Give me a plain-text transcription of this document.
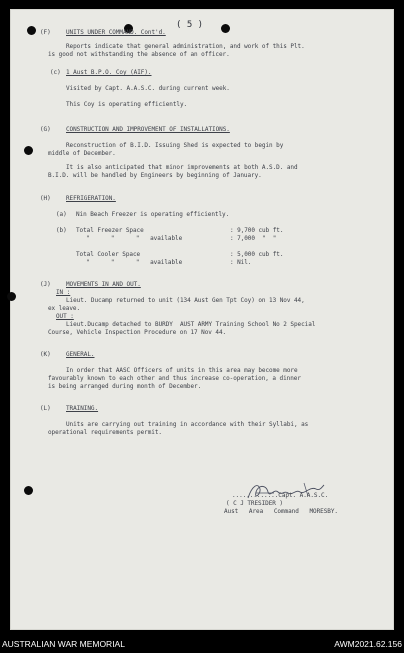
( 5 )
(F)	UNITS UNDER COMMAND. Cont'd.
Reports indicate that general administration, and work of this Plt.
is good not withstanding the absence of an officer.
(c) 1 Aust B.P.O. Coy (AIF).
Visited by Capt. A.A.S.C. during current week.
This Coy is operating efficiently.
(G)	CONSTRUCTION AND IMPROVEMENT OF INSTALLATIONS.
Reconstruction of B.I.D. Issuing Shed is expected to begin by
middle of December.
It is also anticipated that minor improvements at both A.S.D. and
B.I.D. will be handled by Engineers by beginning of January.
(H)	REFRIGERATION.
(a) Nin Beach Freezer is operating efficiently.
(b) Total Freezer Space	: 9,700 cub ft.
"      "      "   available	: 7,000  "  "
Total Cooler Space	: 5,000 cub ft.
"      "      "   available	: Nil.
(J)	MOVEMENTS IN AND OUT.
IN :
Lieut. Ducamp returned to unit (134 Aust Gen Tpt Coy) on 13 Nov 44,
ex leave.
OUT :
Lieut.Ducamp detached to BURDY  AUST ARMY Training School No 2 Special
Course, Vehicle Inspection Procedure on 17 Nov 44.
(K)	GENERAL.
In order that AASC Officers of units in this area may become more
favourably known to each other and thus increase co-operation, a dinner
is being arranged during month of December.
(L)	TRAINING.
Units are carrying out training in accordance with their Syllabi, as
operational requirements permit.
.............Capt. A.A.S.C.
( C J TRESIDER )
Aust   Area   Command   MORESBY.
AUSTRALIAN WAR MEMORIAL	AWM2021.62.156
